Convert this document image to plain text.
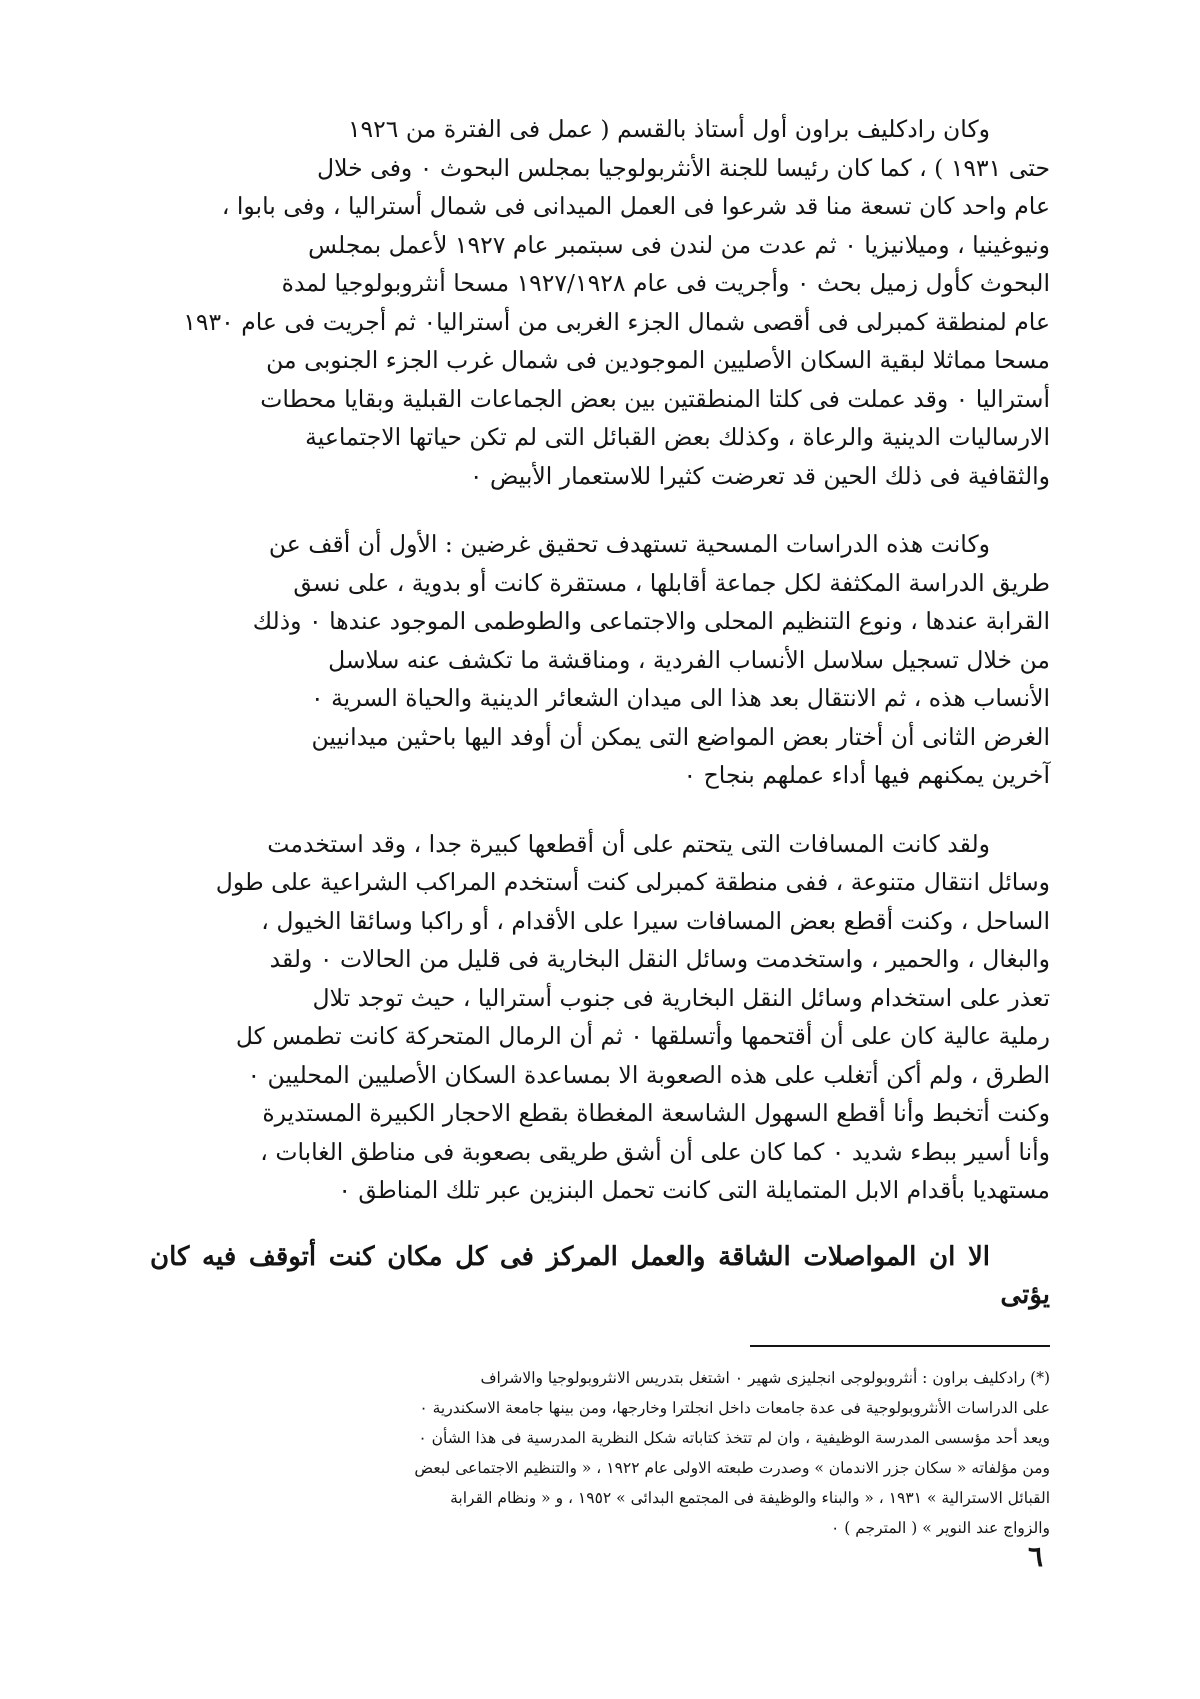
وكان رادكليف براون أول أستاذ بالقسم ( عمل فى الفترة من ١٩٢٦
حتى ١٩٣١ ) ، كما كان رئيسا للجنة الأنثربولوجيا بمجلس البحوث ٠ وفى خلال
عام واحد كان تسعة منا قد شرعوا فى العمل الميدانى فى شمال أستراليا ، وفى بابوا ،
ونيوغينيا ، وميلانيزيا ٠ ثم عدت من لندن فى سبتمبر عام ١٩٢٧ لأعمل بمجلس
البحوث كأول زميل بحث ٠ وأجريت فى عام ١٩٢٧/١٩٢٨ مسحا أنثروبولوجيا لمدة
عام لمنطقة كمبرلى فى أقصى شمال الجزء الغربى من أستراليا٠ ثم أجريت فى عام ١٩٣٠
مسحا مماثلا لبقية السكان الأصليين الموجودين فى شمال غرب الجزء الجنوبى من
أستراليا ٠ وقد عملت فى كلتا المنطقتين بين بعض الجماعات القبلية وبقايا محطات
الارساليات الدينية والرعاة ، وكذلك بعض القبائل التى لم تكن حياتها الاجتماعية
والثقافية فى ذلك الحين قد تعرضت كثيرا للاستعمار الأبيض ٠
وكانت هذه الدراسات المسحية تستهدف تحقيق غرضين : الأول أن أقف عن
طريق الدراسة المكثفة لكل جماعة أقابلها ، مستقرة كانت أو بدوية ، على نسق
القرابة عندها ، ونوع التنظيم المحلى والاجتماعى والطوطمى الموجود عندها ٠ وذلك
من خلال تسجيل سلاسل الأنساب الفردية ، ومناقشة ما تكشف عنه سلاسل
الأنساب هذه ، ثم الانتقال بعد هذا الى ميدان الشعائر الدينية والحياة السرية ٠
الغرض الثانى أن أختار بعض المواضع التى يمكن أن أوفد اليها باحثين ميدانيين
آخرين يمكنهم فيها أداء عملهم بنجاح ٠
ولقد كانت المسافات التى يتحتم على أن أقطعها كبيرة جدا ، وقد استخدمت
وسائل انتقال متنوعة ، ففى منطقة كمبرلى كنت أستخدم المراكب الشراعية على طول
الساحل ، وكنت أقطع بعض المسافات سيرا على الأقدام ، أو راكبا وسائقا الخيول ،
والبغال ، والحمير ، واستخدمت وسائل النقل البخارية فى قليل من الحالات ٠ ولقد
تعذر على استخدام وسائل النقل البخارية فى جنوب أستراليا ، حيث توجد تلال
رملية عالية كان على أن أقتحمها وأتسلقها ٠ ثم أن الرمال المتحركة كانت تطمس كل
الطرق ، ولم أكن أتغلب على هذه الصعوبة الا بمساعدة السكان الأصليين المحليين ٠
وكنت أتخبط وأنا أقطع السهول الشاسعة المغطاة بقطع الاحجار الكبيرة المستديرة
وأنا أسير ببطء شديد ٠ كما كان على أن أشق طريقى بصعوبة فى مناطق الغابات ،
مستهديا بأقدام الابل المتمايلة التى كانت تحمل البنزين عبر تلك المناطق ٠
الا ان المواصلات الشاقة والعمل المركز فى كل مكان كنت أتوقف فيه كان يؤتى
(*) رادكليف براون : أنثروبولوجى انجليزى شهير ٠ اشتغل بتدريس الانثروبولوجيا والاشراف
على الدراسات الأنثروبولوجية فى عدة جامعات داخل انجلترا وخارجها، ومن بينها جامعة الاسكندرية ٠
ويعد أحد مؤسسى المدرسة الوظيفية ، وان لم تتخذ كتاباته شكل النظرية المدرسية فى هذا الشأن ٠
ومن مؤلفاته « سكان جزر الاندمان » وصدرت طبعته الاولى عام ١٩٢٢ ، « والتنظيم الاجتماعى لبعض
القبائل الاسترالية » ١٩٣١ ، « والبناء والوظيفة فى المجتمع البدائى » ١٩٥٢ ، و « ونظام القرابة
والزواج عند النوير » ( المترجم ) ٠
٦
